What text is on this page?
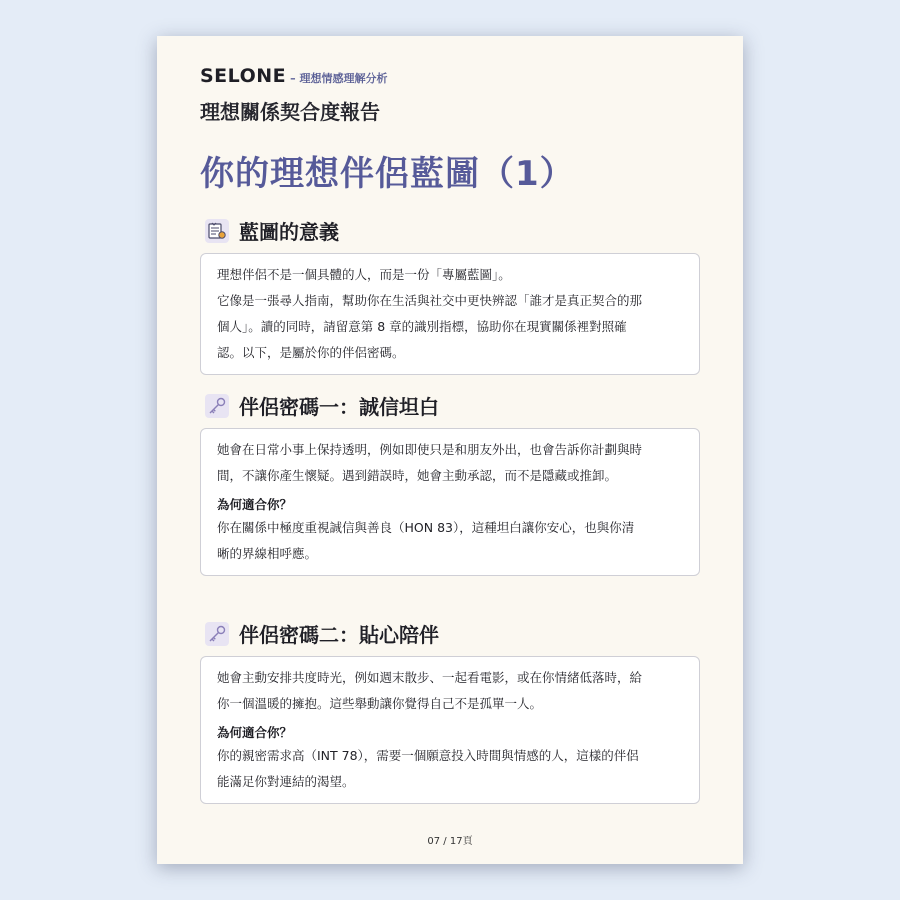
SELONE – 理想情感理解分析
理想關係契合度報告
你的理想伴侶藍圖（1）
藍圖的意義

理想伴侶不是一個具體的人，而是一份「專屬藍圖」。

它像是一張尋人指南，幫助你在生活與社交中更快辨認「誰才是真正契合的那

個人」。讀的同時，請留意第 8 章的識別指標，協助你在現實關係裡對照確

認。以下，是屬於你的伴侶密碼。

伴侶密碼一：誠信坦白

她會在日常小事上保持透明，例如即使只是和朋友外出，也會告訴你計劃與時

間，不讓你產生懷疑。遇到錯誤時，她會主動承認，而不是隱藏或推卸。

為何適合你？

你在關係中極度重視誠信與善良（HON 83），這種坦白讓你安心，也與你清

晰的界線相呼應。

伴侶密碼二：貼心陪伴

她會主動安排共度時光，例如週末散步、一起看電影，或在你情緒低落時，給

你一個溫暖的擁抱。這些舉動讓你覺得自己不是孤單一人。

為何適合你？

你的親密需求高（INT 78），需要一個願意投入時間與情感的人，這樣的伴侶

能滿足你對連結的渴望。

07 / 17頁
